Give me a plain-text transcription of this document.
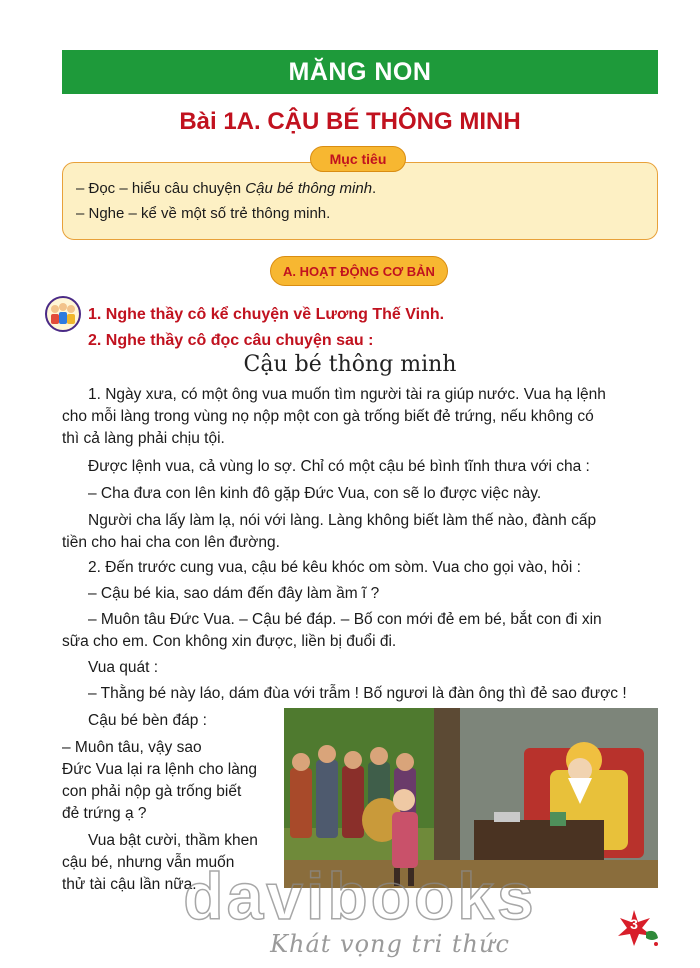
MĂNG NON
Bài 1A. CẬU BÉ THÔNG MINH
Mục tiêu
– Đọc – hiểu câu chuyện Cậu bé thông minh.
– Nghe – kể về một số trẻ thông minh.
A. HOẠT ĐỘNG CƠ BẢN
1. Nghe thầy cô kể chuyện về Lương Thế Vinh.
2. Nghe thầy cô đọc câu chuyện sau :
Cậu bé thông minh
1. Ngày xưa, có một ông vua muốn tìm người tài ra giúp nước. Vua hạ lệnh
cho mỗi làng trong vùng nọ nộp một con gà trống biết đẻ trứng, nếu không có
thì cả làng phải chịu tội.
Được lệnh vua, cả vùng lo sợ. Chỉ có một cậu bé bình tĩnh thưa với cha :
– Cha đưa con lên kinh đô gặp Đức Vua, con sẽ lo được việc này.
Người cha lấy làm lạ, nói với làng. Làng không biết làm thế nào, đành cấp
tiền cho hai cha con lên đường.
2. Đến trước cung vua, cậu bé kêu khóc om sòm. Vua cho gọi vào, hỏi :
– Cậu bé kia, sao dám đến đây làm ầm ĩ ?
– Muôn tâu Đức Vua. – Cậu bé đáp. – Bố con mới đẻ em bé, bắt con đi xin
sữa cho em. Con không xin được, liền bị đuổi đi.
Vua quát :
– Thằng bé này láo, dám đùa với trẫm ! Bố ngươi là đàn ông thì đẻ sao được !
Cậu bé bèn đáp :
– Muôn tâu, vậy sao
Đức Vua lại ra lệnh cho làng
con phải nộp gà trống biết
đẻ trứng ạ ?
Vua bật cười, thầm khen
cậu bé, nhưng vẫn muốn
thử tài cậu lần nữa.
davibooks
Khát vọng tri thức
3
